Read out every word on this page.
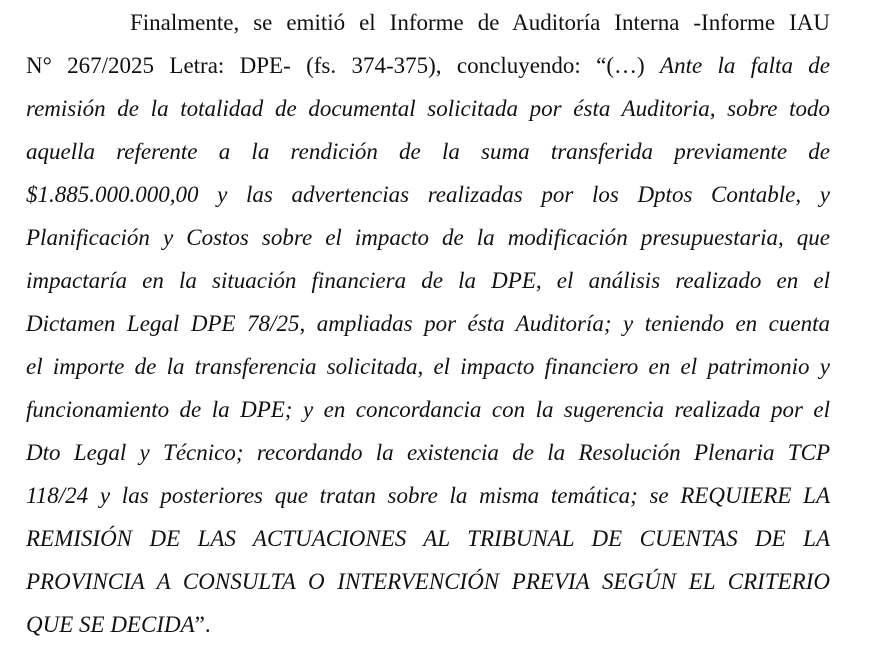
Finalmente, se emitió el Informe de Auditoría Interna -Informe IAU
N° 267/2025 Letra: DPE- (fs. 374-375), concluyendo: “(…) Ante la falta de
remisión de la totalidad de documental solicitada por ésta Auditoria, sobre todo
aquella referente a la rendición de la suma transferida previamente de
$1.885.000.000,00 y las advertencias realizadas por los Dptos Contable, y
Planificación y Costos sobre el impacto de la modificación presupuestaria, que
impactaría en la situación financiera de la DPE, el análisis realizado en el
Dictamen Legal DPE 78/25, ampliadas por ésta Auditoría; y teniendo en cuenta
el importe de la transferencia solicitada, el impacto financiero en el patrimonio y
funcionamiento de la DPE; y en concordancia con la sugerencia realizada por el
Dto Legal y Técnico; recordando la existencia de la Resolución Plenaria TCP
118/24 y las posteriores que tratan sobre la misma temática; se REQUIERE LA
REMISIÓN DE LAS ACTUACIONES AL TRIBUNAL DE CUENTAS DE LA
PROVINCIA A CONSULTA O INTERVENCIÓN PREVIA SEGÚN EL CRITERIO
QUE SE DECIDA”.
